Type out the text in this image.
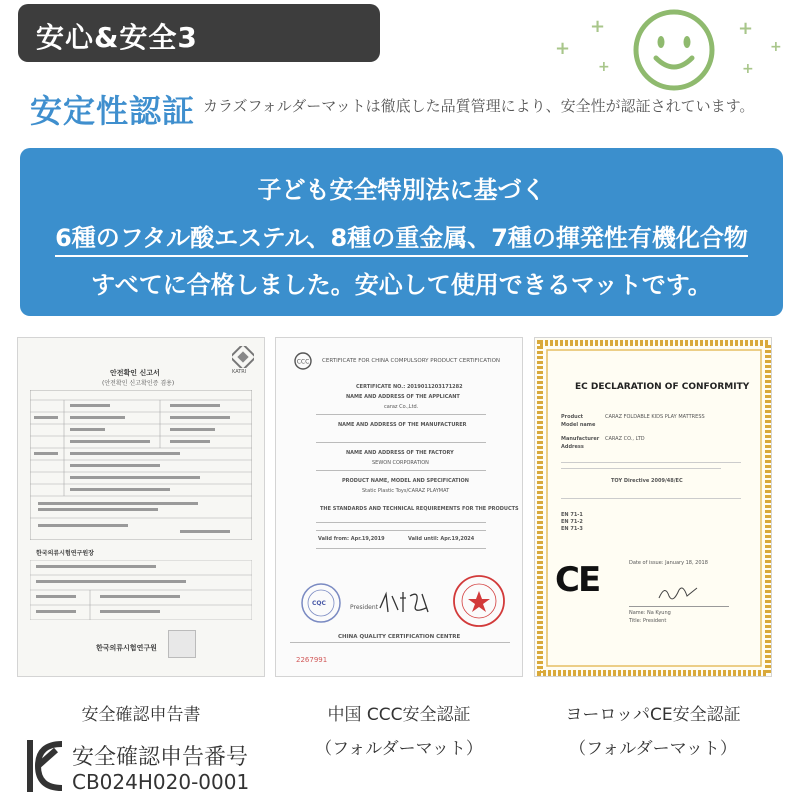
安心&安全3	+
+
+
+
+
+
安定性認証 カラズフォルダーマットは徹底した品質管理により、安全性が認証されています。
子ども安全特別法に基づく
6種のフタル酸エステル、8種の重金属、7種の揮発性有機化合物
すべてに合格しました。安心して使用できるマットです。
KATRI
안전확인 신고서
(안전확인 신고확인증 겸용)
한국의류시험연구원장
한국의류시험연구원
安全確認申告書
CCC CERTIFICATE FOR CHINA COMPULSORY PRODUCT CERTIFICATION
CERTIFICATE NO.: 2019011203171282
NAME AND ADDRESS OF THE APPLICANT
caraz Co.,Ltd.
NAME AND ADDRESS OF THE MANUFACTURER
NAME AND ADDRESS OF THE FACTORY
SEWON CORPORATION
PRODUCT NAME, MODEL AND SPECIFICATION
Static Plastic Toys/CARAZ PLAYMAT
THE STANDARDS AND TECHNICAL REQUIREMENTS FOR THE PRODUCTS
Valid from: Apr.19,2019	Valid until: Apr.19,2024
CQC
President
CHINA QUALITY CERTIFICATION CENTRE
2267991
中国 CCC安全認証
（フォルダーマット）
EC DECLARATION OF CONFORMITY
Product	CARAZ FOLDABLE KIDS PLAY MATTRESS
Model name
Manufacturer CARAZ CO., LTD
Address
TOY Directive 2009/48/EC
EN 71-1
EN 71-2
EN 71-3
CE	Date of issue: January 18, 2018
Name: Na Kyung
Title: President
ヨーロッパCE安全認証
（フォルダーマット）
安全確認申告番号
CB024H020-0001
